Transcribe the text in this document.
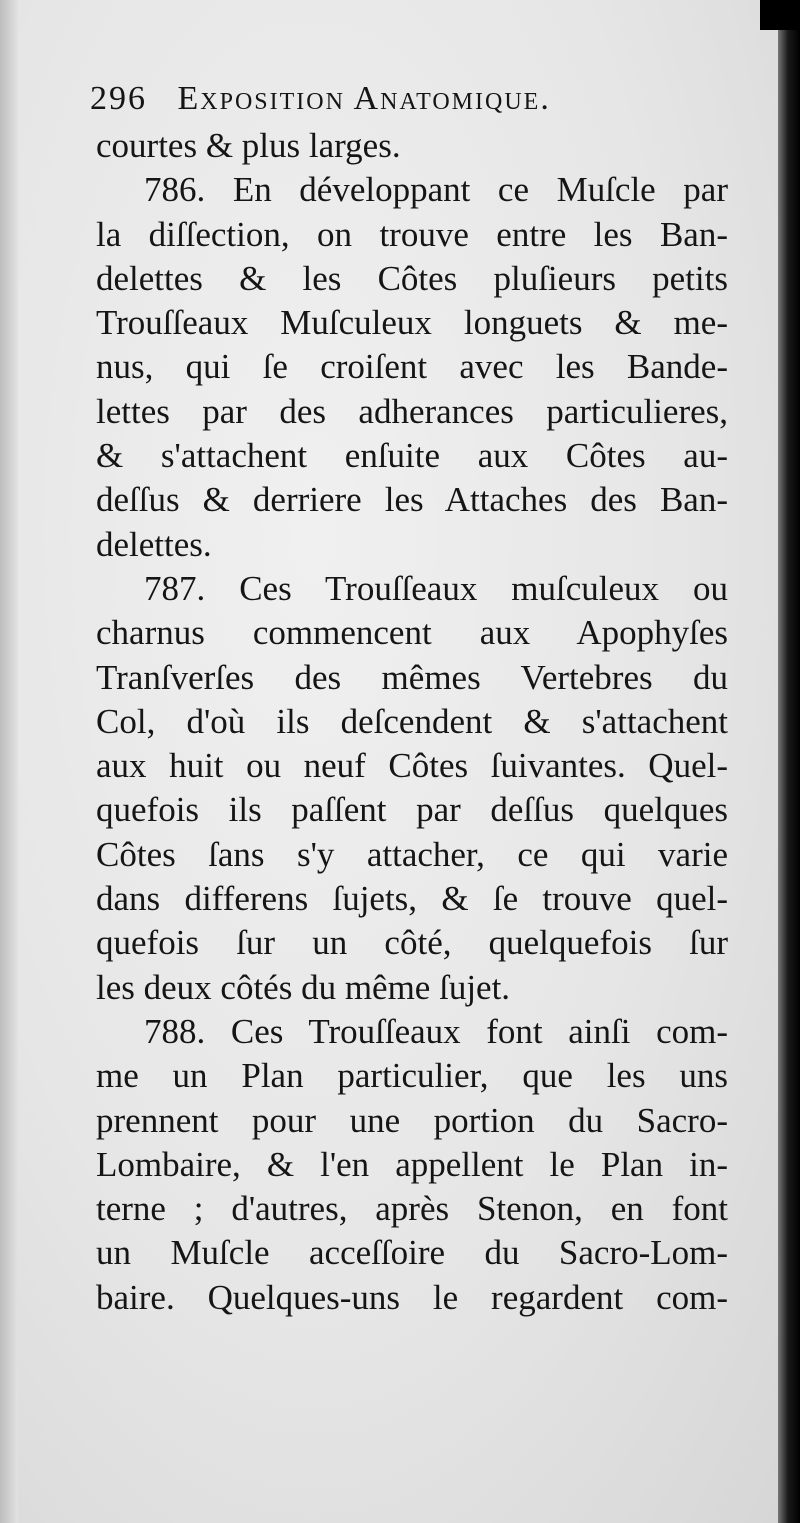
296 Exposition Anatomique.
courtes & plus larges.
786. En développant ce Muſcle par
la diſſection, on trouve entre les Ban-
delettes & les Côtes pluſieurs petits
Trouſſeaux Muſculeux longuets & me-
nus, qui ſe croiſent avec les Bande-
lettes par des adherances particulieres,
& s'attachent enſuite aux Côtes au-
deſſus & derriere les Attaches des Ban-
delettes.
787. Ces Trouſſeaux muſculeux ou
charnus commencent aux Apophyſes
Tranſverſes des mêmes Vertebres du
Col, d'où ils deſcendent & s'attachent
aux huit ou neuf Côtes ſuivantes. Quel-
quefois ils paſſent par deſſus quelques
Côtes ſans s'y attacher, ce qui varie
dans differens ſujets, & ſe trouve quel-
quefois ſur un côté, quelquefois ſur
les deux côtés du même ſujet.
788. Ces Trouſſeaux font ainſi com-
me un Plan particulier, que les uns
prennent pour une portion du Sacro-
Lombaire, & l'en appellent le Plan in-
terne ; d'autres, après Stenon, en font
un Muſcle acceſſoire du Sacro-Lom-
baire. Quelques-uns le regardent com-
